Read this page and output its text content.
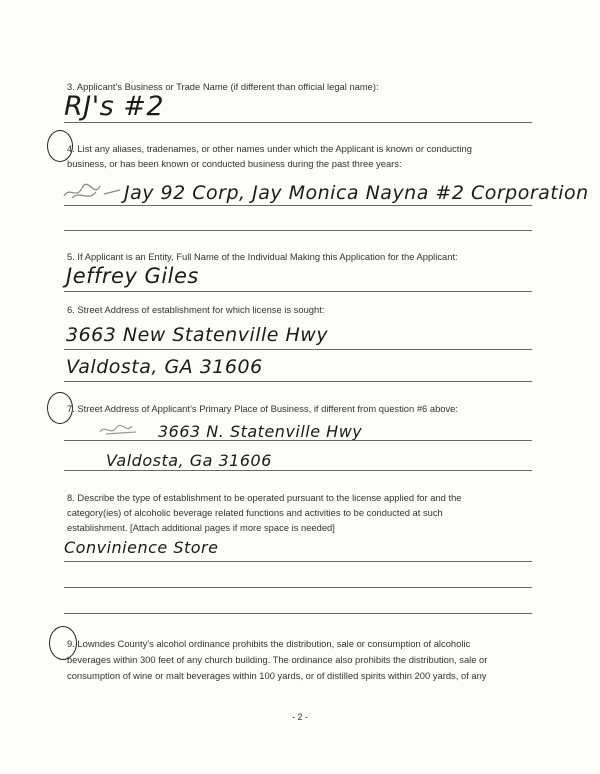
3. Applicant’s Business or Trade Name (if different than official legal name):
RJ's #2
4. List any aliases, tradenames, or other names under which the Applicant is known or conducting
business, or has been known or conducted business during the past three years:
Jay 92 Corp, Jay Monica Nayna #2 Corporation
5. If Applicant is an Entity, Full Name of the Individual Making this Application for the Applicant:
Jeffrey Giles
6. Street Address of establishment for which license is sought:
3663 New Statenville Hwy
Valdosta, GA 31606
7. Street Address of Applicant’s Primary Place of Business, if different from question #6 above:
3663 N. Statenville Hwy
Valdosta, Ga 31606
8. Describe the type of establishment to be operated pursuant to the license applied for and the
category(ies) of alcoholic beverage related functions and activities to be conducted at such
establishment. [Attach additional pages if more space is needed]
Convinience Store
9. Lowndes County’s alcohol ordinance prohibits the distribution, sale or consumption of alcoholic
beverages within 300 feet of any church building. The ordinance also prohibits the distribution, sale or
consumption of wine or malt beverages within 100 yards, or of distilled spirits within 200 yards, of any
- 2 -
